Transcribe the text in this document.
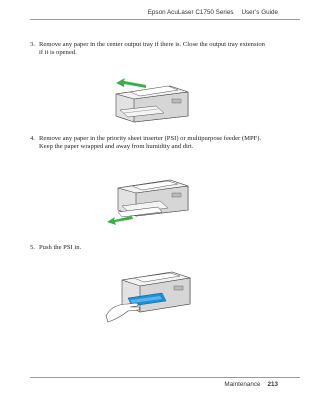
Epson AcuLaser C1750 Series User’s Guide
3. Remove any paper in the center output tray if there is. Close the output tray extension if it is opened.
4. Remove any paper in the priority sheet inserter (PSI) or multipurpose feeder (MPF). Keep the paper wrapped and away from humidity and dirt.
5. Push the PSI in.
Maintenance 213
